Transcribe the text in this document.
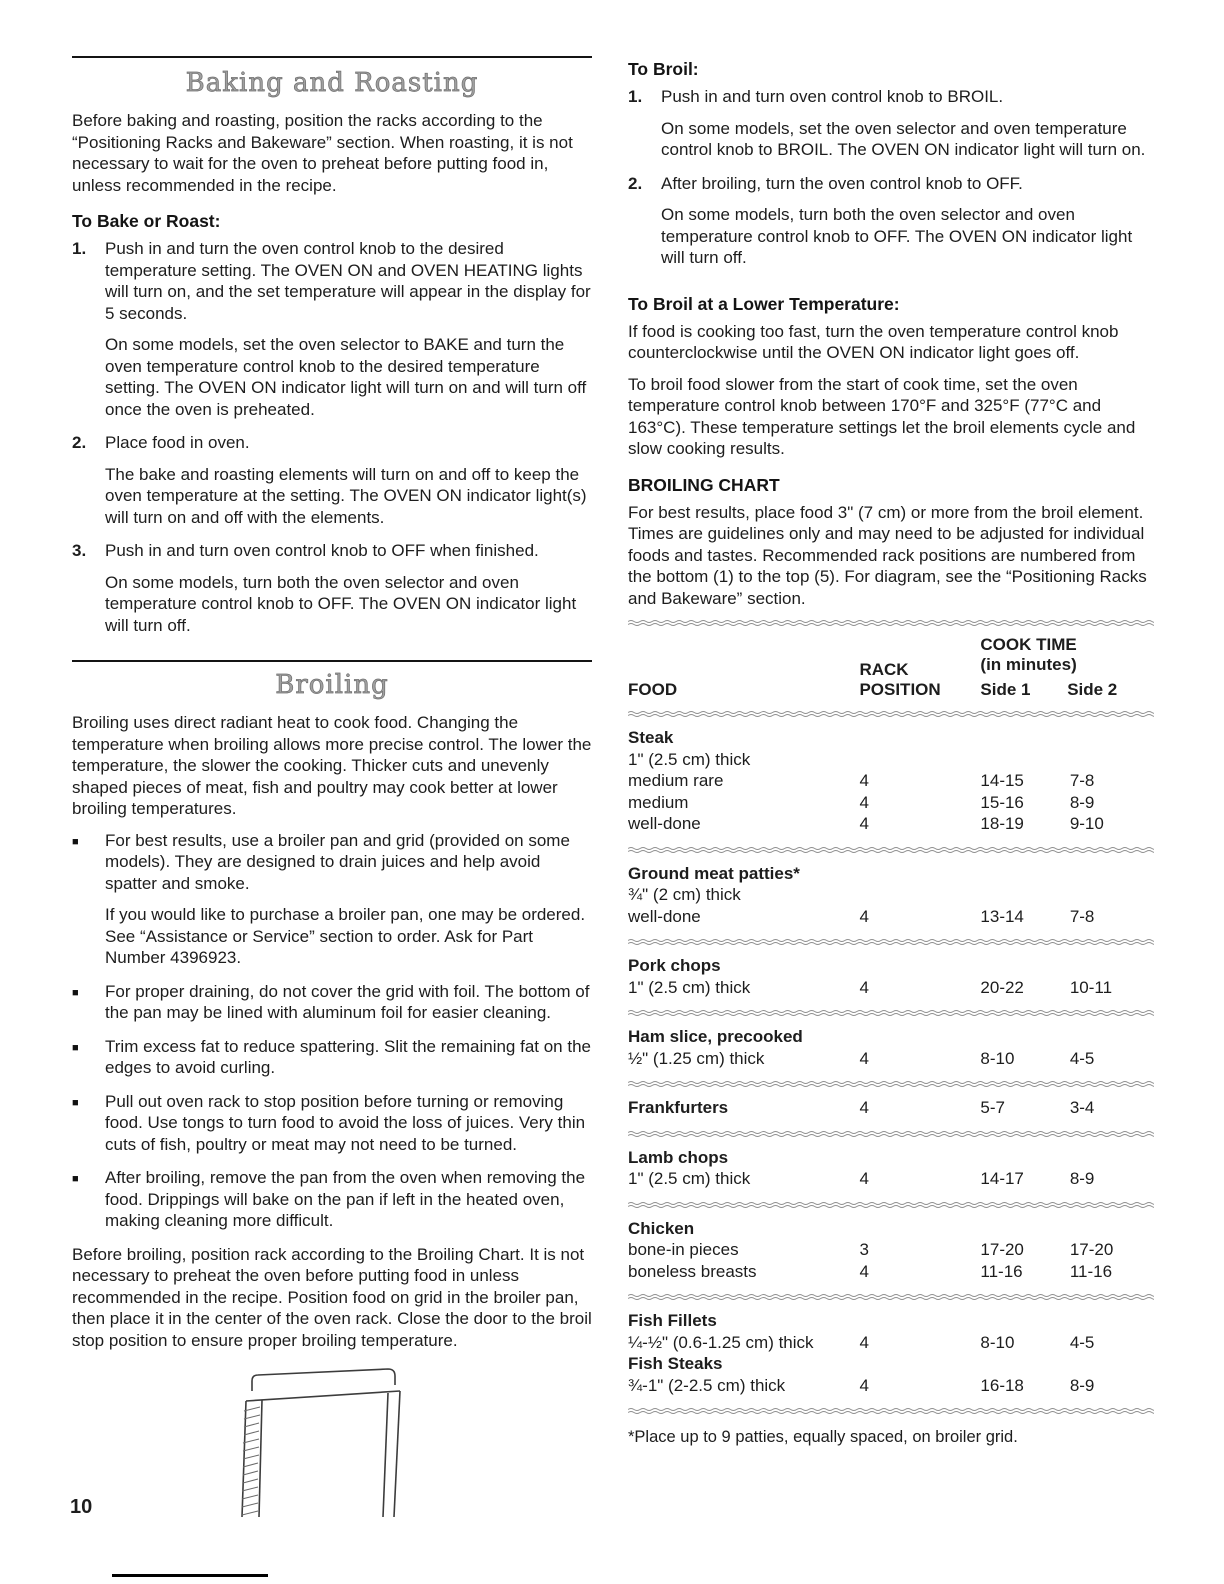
Baking and Roasting

Before baking and roasting, position the racks according to the “Positioning Racks and Bakeware” section. When roasting, it is not necessary to wait for the oven to preheat before putting food in, unless recommended in the recipe.

To Bake or Roast:
1.	Push in and turn the oven control knob to the desired temperature setting. The OVEN ON and OVEN HEATING lights will turn on, and the set temperature will appear in the display for 5 seconds.

On some models, set the oven selector to BAKE and turn the oven temperature control knob to the desired temperature setting. The OVEN ON indicator light will turn on and will turn off once the oven is preheated.

2.	Place food in oven.

The bake and roasting elements will turn on and off to keep the oven temperature at the setting. The OVEN ON indicator light(s) will turn on and off with the elements.

3.	Push in and turn oven control knob to OFF when finished.

On some models, turn both the oven selector and oven temperature control knob to OFF. The OVEN ON indicator light will turn off.

Broiling

Broiling uses direct radiant heat to cook food. Changing the temperature when broiling allows more precise control. The lower the temperature, the slower the cooking. Thicker cuts and unevenly shaped pieces of meat, fish and poultry may cook better at lower broiling temperatures.

■	For best results, use a broiler pan and grid (provided on some models). They are designed to drain juices and help avoid spatter and smoke.

If you would like to purchase a broiler pan, one may be ordered. See “Assistance or Service” section to order. Ask for Part Number 4396923.

■	For proper draining, do not cover the grid with foil. The bottom of the pan may be lined with aluminum foil for easier cleaning.

■	Trim excess fat to reduce spattering. Slit the remaining fat on the edges to avoid curling.

■	Pull out oven rack to stop position before turning or removing food. Use tongs to turn food to avoid the loss of juices. Very thin cuts of fish, poultry or meat may not need to be turned.

■	After broiling, remove the pan from the oven when removing the food. Drippings will bake on the pan if left in the heated oven, making cleaning more difficult.

Before broiling, position rack according to the Broiling Chart. It is not necessary to preheat the oven before putting food in unless recommended in the recipe. Position food on grid in the broiler pan, then place it in the center of the oven rack. Close the door to the broil stop position to ensure proper broiling temperature.

To Broil:
1.	Push in and turn oven control knob to BROIL.

On some models, set the oven selector and oven temperature control knob to BROIL. The OVEN ON indicator light will turn on.

2.	After broiling, turn the oven control knob to OFF.

On some models, turn both the oven selector and oven temperature control knob to OFF. The OVEN ON indicator light will turn off.

To Broil at a Lower Temperature:

If food is cooking too fast, turn the oven temperature control knob counterclockwise until the OVEN ON indicator light goes off.

To broil food slower from the start of cook time, set the oven temperature control knob between 170°F and 325°F (77°C and 163°C). These temperature settings let the broil elements cycle and slow cooking results.

BROILING CHART

For best results, place food 3" (7 cm) or more from the broil element. Times are guidelines only and may need to be adjusted for individual foods and tastes. Recommended rack positions are numbered from the bottom (1) to the top (5). For diagram, see the “Positioning Racks and Bakeware” section.

FOOD
RACK
POSITION
COOK TIME
(in minutes)
Side 1	Side 2
Steak
1" (2.5 cm) thick
medium rare	4	14-15	7-8
medium	4	15-16	8-9
well-done	4	18-19	9-10
Ground meat patties*
¾" (2 cm) thick
well-done	4	13-14	7-8
Pork chops
1" (2.5 cm) thick	4	20-22	10-11
Ham slice, precooked
½" (1.25 cm) thick	4	8-10	4-5
Frankfurters	4	5-7	3-4
Lamb chops
1" (2.5 cm) thick	4	14-17	8-9
Chicken
bone-in pieces	3	17-20	17-20
boneless breasts	4	11-16	11-16
Fish Fillets
¼-½" (0.6-1.25 cm) thick	4	8-10	4-5
Fish Steaks
¾-1" (2-2.5 cm) thick	4	16-18	8-9

*Place up to 9 patties, equally spaced, on broiler grid.

10
